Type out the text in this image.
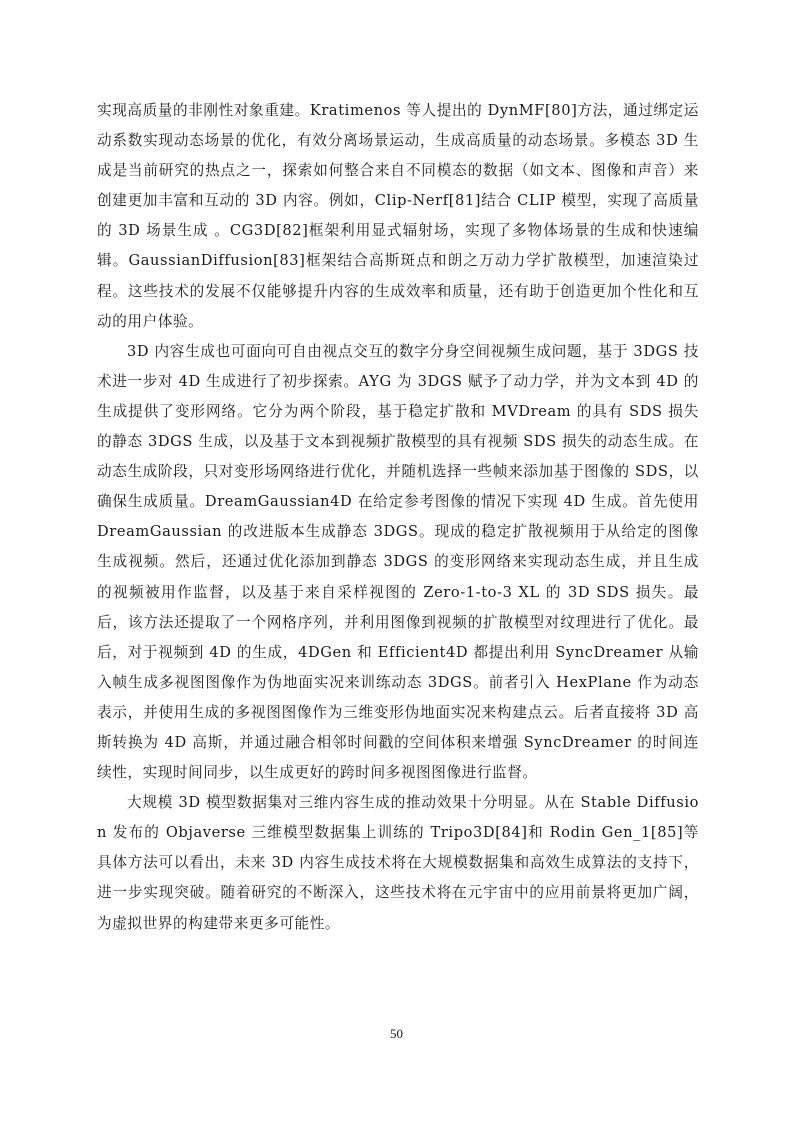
实现高质量的非刚性对象重建。Kratimenos 等人提出的 DynMF[80]方法，通过绑定运动系数实现动态场景的优化，有效分离场景运动，生成高质量的动态场景。多模态 3D 生成是当前研究的热点之一，探索如何整合来自不同模态的数据（如文本、图像和声音）来创建更加丰富和互动的 3D 内容。例如，Clip-Nerf[81]结合 CLIP 模型，实现了高质量的 3D 场景生成 。CG3D[82]框架利用显式辐射场，实现了多物体场景的生成和快速编辑。GaussianDiffusion[83]框架结合高斯斑点和朗之万动力学扩散模型，加速渲染过程。这些技术的发展不仅能够提升内容的生成效率和质量，还有助于创造更加个性化和互动的用户体验。

3D 内容生成也可面向可自由视点交互的数字分身空间视频生成问题，基于 3DGS 技术进一步对 4D 生成进行了初步探索。AYG 为 3DGS 赋予了动力学，并为文本到 4D 的生成提供了变形网络。它分为两个阶段，基于稳定扩散和 MVDream 的具有 SDS 损失的静态 3DGS 生成，以及基于文本到视频扩散模型的具有视频 SDS 损失的动态生成。在动态生成阶段，只对变形场网络进行优化，并随机选择一些帧来添加基于图像的 SDS，以确保生成质量。DreamGaussian4D 在给定参考图像的情况下实现 4D 生成。首先使用 DreamGaussian 的改进版本生成静态 3DGS。现成的稳定扩散视频用于从给定的图像生成视频。然后，还通过优化添加到静态 3DGS 的变形网络来实现动态生成，并且生成的视频被用作监督，以及基于来自采样视图的 Zero-1-to-3 XL 的 3D SDS 损失。最后，该方法还提取了一个网格序列，并利用图像到视频的扩散模型对纹理进行了优化。最后，对于视频到 4D 的生成，4DGen 和 Efficient4D 都提出利用 SyncDreamer 从输入帧生成多视图图像作为伪地面实况来训练动态 3DGS。前者引入 HexPlane 作为动态表示，并使用生成的多视图图像作为三维变形伪地面实况来构建点云。后者直接将 3D 高斯转换为 4D 高斯，并通过融合相邻时间戳的空间体积来增强 SyncDreamer 的时间连续性，实现时间同步，以生成更好的跨时间多视图图像进行监督。

大规模 3D 模型数据集对三维内容生成的推动效果十分明显。从在 Stable Diffusion 发布的 Objaverse 三维模型数据集上训练的 Tripo3D[84]和 Rodin Gen_1[85]等具体方法可以看出，未来 3D 内容生成技术将在大规模数据集和高效生成算法的支持下，进一步实现突破。随着研究的不断深入，这些技术将在元宇宙中的应用前景将更加广阔，为虚拟世界的构建带来更多可能性。

50
